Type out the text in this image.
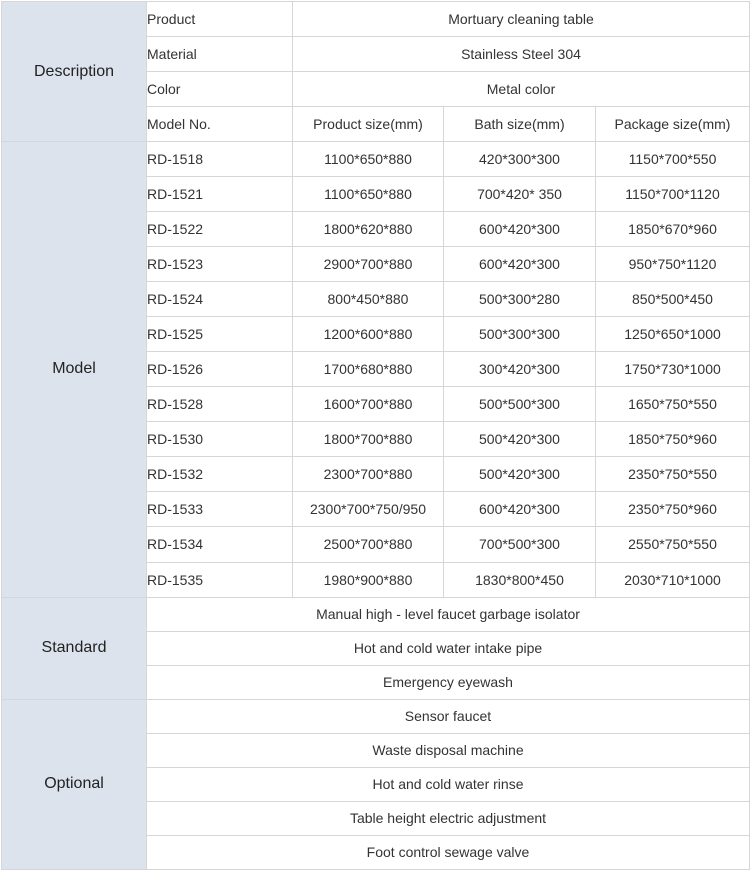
Description	Product	Mortuary cleaning table		
	Material	Stainless Steel 304		
	Color	Metal color		
	Model No.	Product size(mm)	Bath size(mm)	Package size(mm)
Model	RD-1518	1100*650*880	420*300*300	1150*700*550
	RD-1521	1100*650*880	700*420* 350	1150*700*1120
	RD-1522	1800*620*880	600*420*300	1850*670*960
	RD-1523	2900*700*880	600*420*300	950*750*1120
	RD-1524	800*450*880	500*300*280	850*500*450
	RD-1525	1200*600*880	500*300*300	1250*650*1000
	RD-1526	1700*680*880	300*420*300	1750*730*1000
	RD-1528	1600*700*880	500*500*300	1650*750*550
	RD-1530	1800*700*880	500*420*300	1850*750*960
	RD-1532	2300*700*880	500*420*300	2350*750*550
	RD-1533	2300*700*750/950	600*420*300	2350*750*960
	RD-1534	2500*700*880	700*500*300	2550*750*550
	RD-1535	1980*900*880	1830*800*450	2030*710*1000
Standard	Manual high - level faucet garbage isolator			
	Hot and cold water intake pipe			
	Emergency eyewash			
Optional	Sensor faucet			
	Waste disposal machine			
	Hot and cold water rinse			
	Table height electric adjustment			
	Foot control sewage valve			
